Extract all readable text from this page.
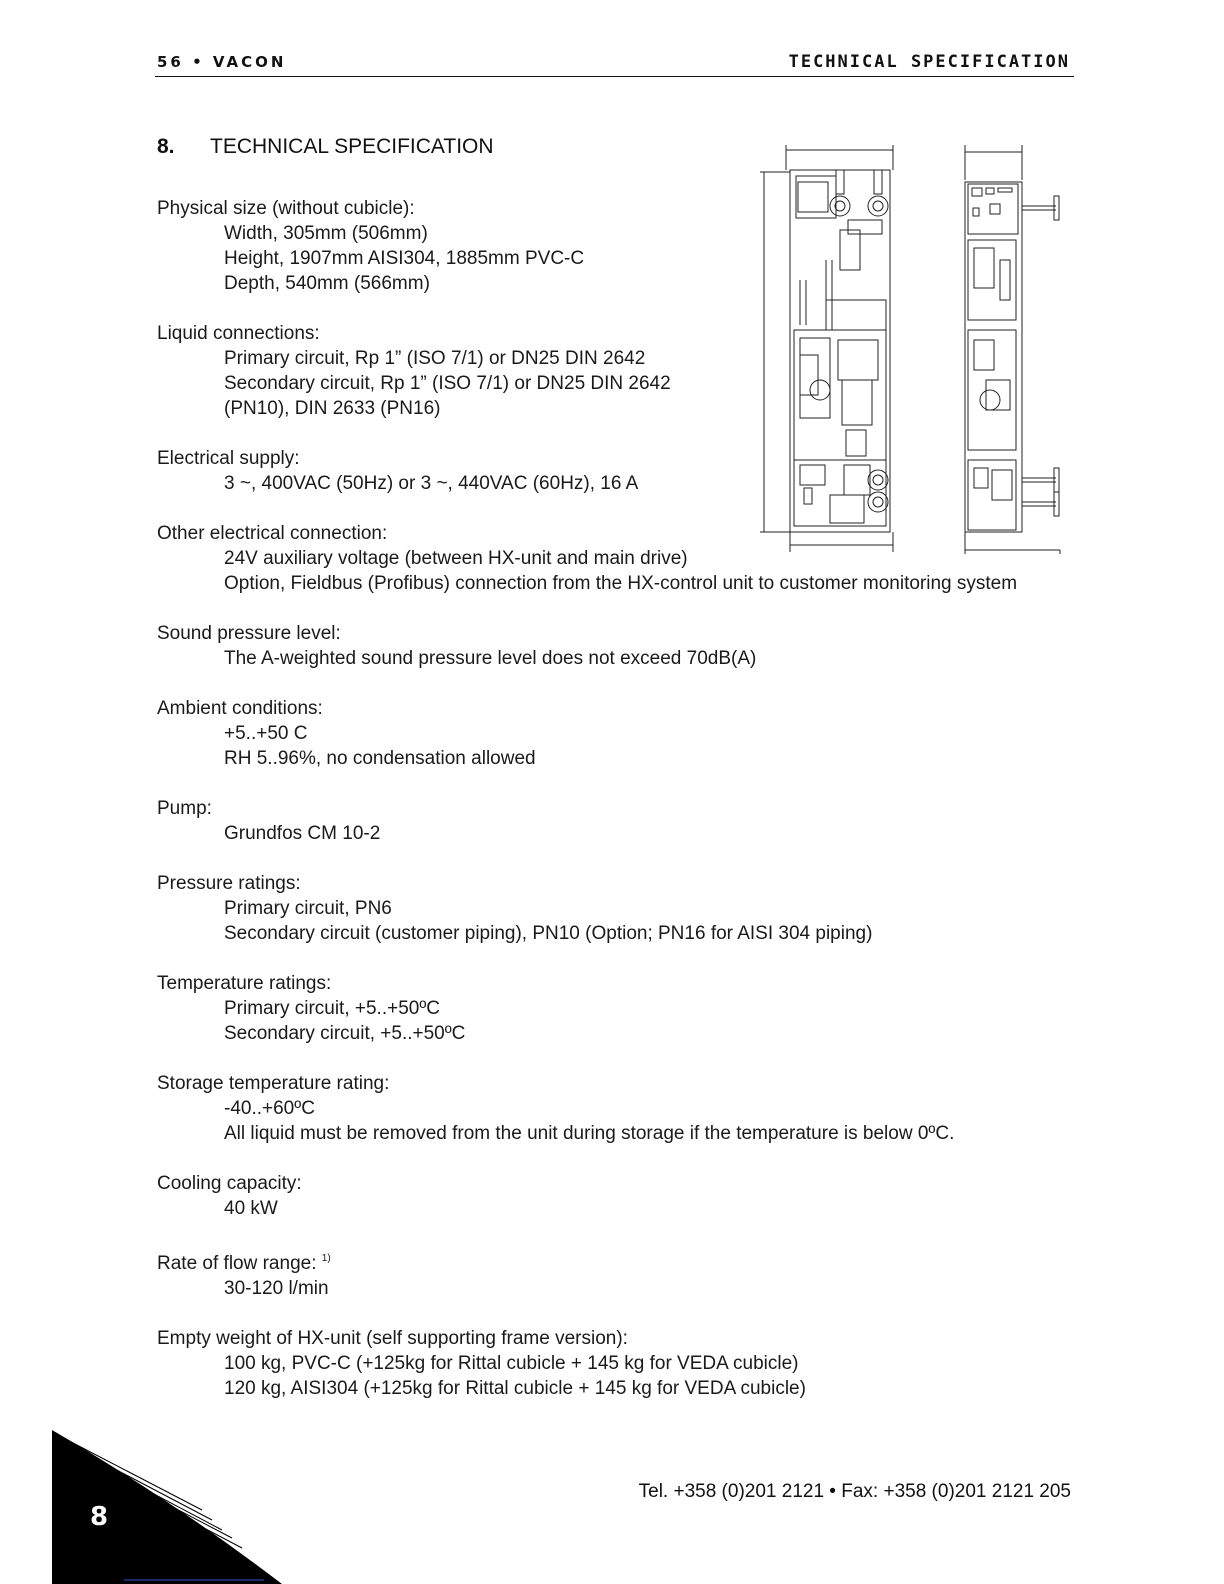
56 • VACON	TECHNICAL SPECIFICATION
8. TECHNICAL SPECIFICATION
Physical size (without cubicle):
Width, 305mm (506mm)
Height, 1907mm AISI304, 1885mm PVC-C
Depth, 540mm (566mm)
Liquid connections:
Primary circuit, Rp 1” (ISO 7/1) or DN25 DIN 2642
Secondary circuit, Rp 1” (ISO 7/1) or DN25 DIN 2642
(PN10), DIN 2633 (PN16)
Electrical supply:
3 ~, 400VAC (50Hz) or 3 ~, 440VAC (60Hz), 16 A
Other electrical connection:
24V auxiliary voltage (between HX-unit and main drive)
Option, Fieldbus (Profibus) connection from the HX-control unit to customer monitoring system
Sound pressure level:
The A-weighted sound pressure level does not exceed 70dB(A)
Ambient conditions:
+5..+50 C
RH 5..96%, no condensation allowed
Pump:
Grundfos CM 10-2
Pressure ratings:
Primary circuit, PN6
Secondary circuit (customer piping), PN10 (Option; PN16 for AISI 304 piping)
Temperature ratings:
Primary circuit, +5..+50ºC
Secondary circuit, +5..+50ºC
Storage temperature rating:
-40..+60ºC
All liquid must be removed from the unit during storage if the temperature is below 0ºC.
Cooling capacity:
40 kW
Rate of flow range: $^{1)}$
30-120 l/min
Empty weight of HX-unit (self supporting frame version):
100 kg, PVC-C (+125kg for Rittal cubicle + 145 kg for VEDA cubicle)
120 kg, AISI304 (+125kg for Rittal cubicle + 145 kg for VEDA cubicle)
Tel. +358 (0)201 2121 • Fax: +358 (0)201 2121 205
8
